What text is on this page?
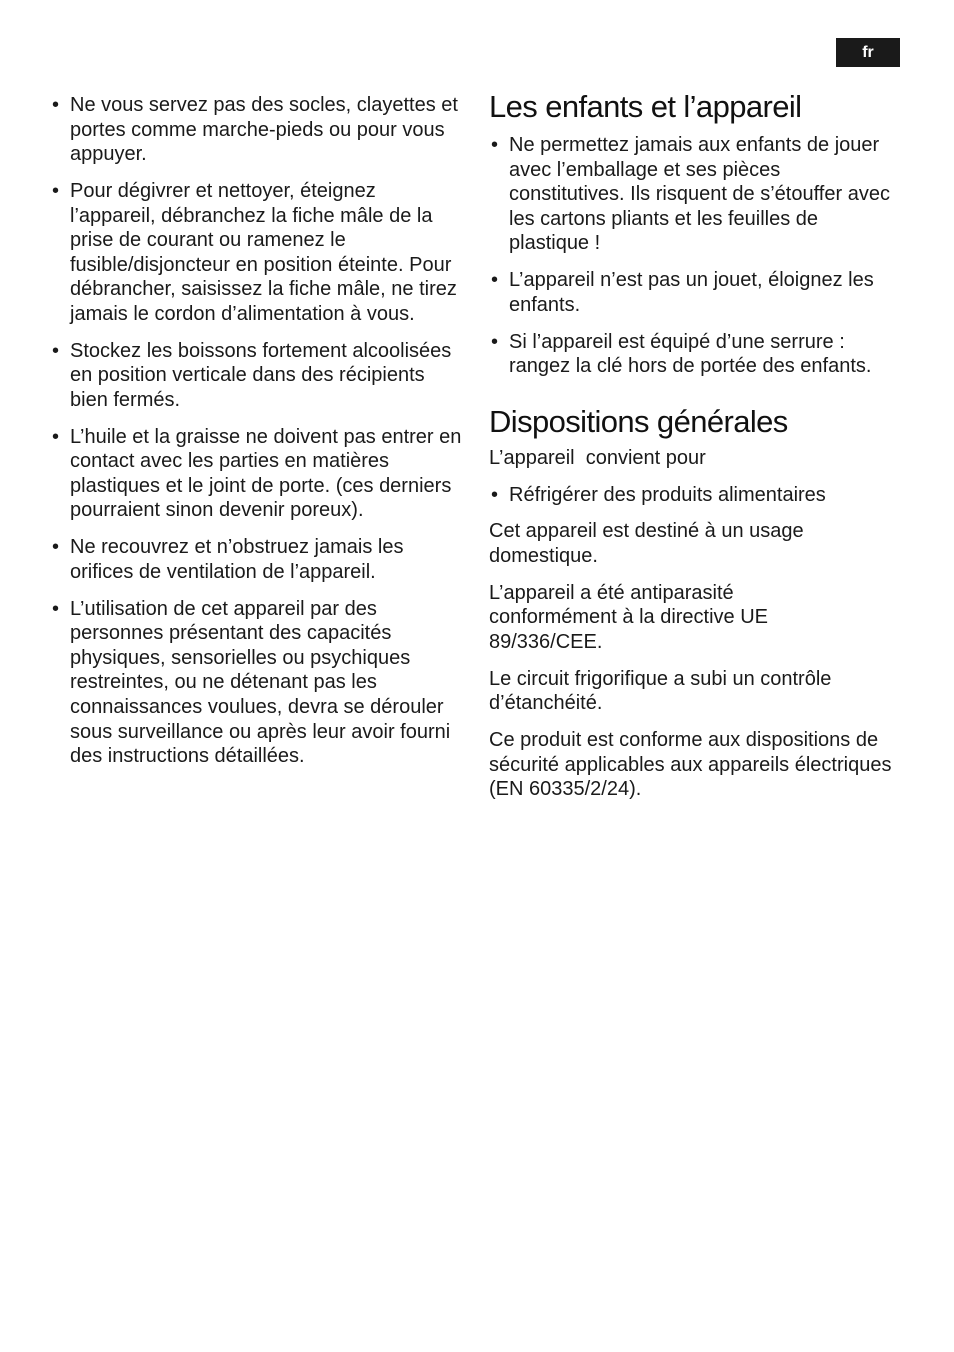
fr
• Ne vous servez pas des socles, clayettes et portes comme marche-pieds ou pour vous appuyer.
• Pour dégivrer et nettoyer, éteignez l’appareil, débranchez la fiche mâle de la prise de courant ou ramenez le fusible/disjoncteur en position éteinte. Pour débrancher, saisissez la fiche mâle, ne tirez jamais le cordon d’alimentation à vous.
• Stockez les boissons fortement alcoolisées en position verticale dans des récipients bien fermés.
• L’huile et la graisse ne doivent pas entrer en contact avec les parties en matières plastiques et le joint de porte. (ces derniers pourraient sinon devenir poreux).
• Ne recouvrez et n’obstruez jamais les orifices de ventilation de l’appareil.
• L’utilisation de cet appareil par des personnes présentant des capacités physiques, sensorielles ou psychiques restreintes, ou ne détenant pas les connaissances voulues, devra se dérouler sous surveillance ou après leur avoir fourni des instructions détaillées.
Les enfants et l’appareil
• Ne permettez jamais aux enfants de jouer avec l’emballage et ses pièces constitutives. Ils risquent de s’étouffer avec les cartons pliants et les feuilles de plastique !
• L’appareil n’est pas un jouet, éloignez les enfants.
• Si l’appareil est équipé d’une serrure : rangez la clé hors de portée des enfants.
Dispositions générales

L’appareil  convient pour

• Réfrigérer des produits alimentaires

Cet appareil est destiné à un usage domestique.

L’appareil a été antiparasité conformément à la directive UE 89/336/CEE.

Le circuit frigorifique a subi un contrôle d’étanchéité.

Ce produit est conforme aux dispositions de sécurité applicables aux appareils électriques (EN 60335/2/24).
